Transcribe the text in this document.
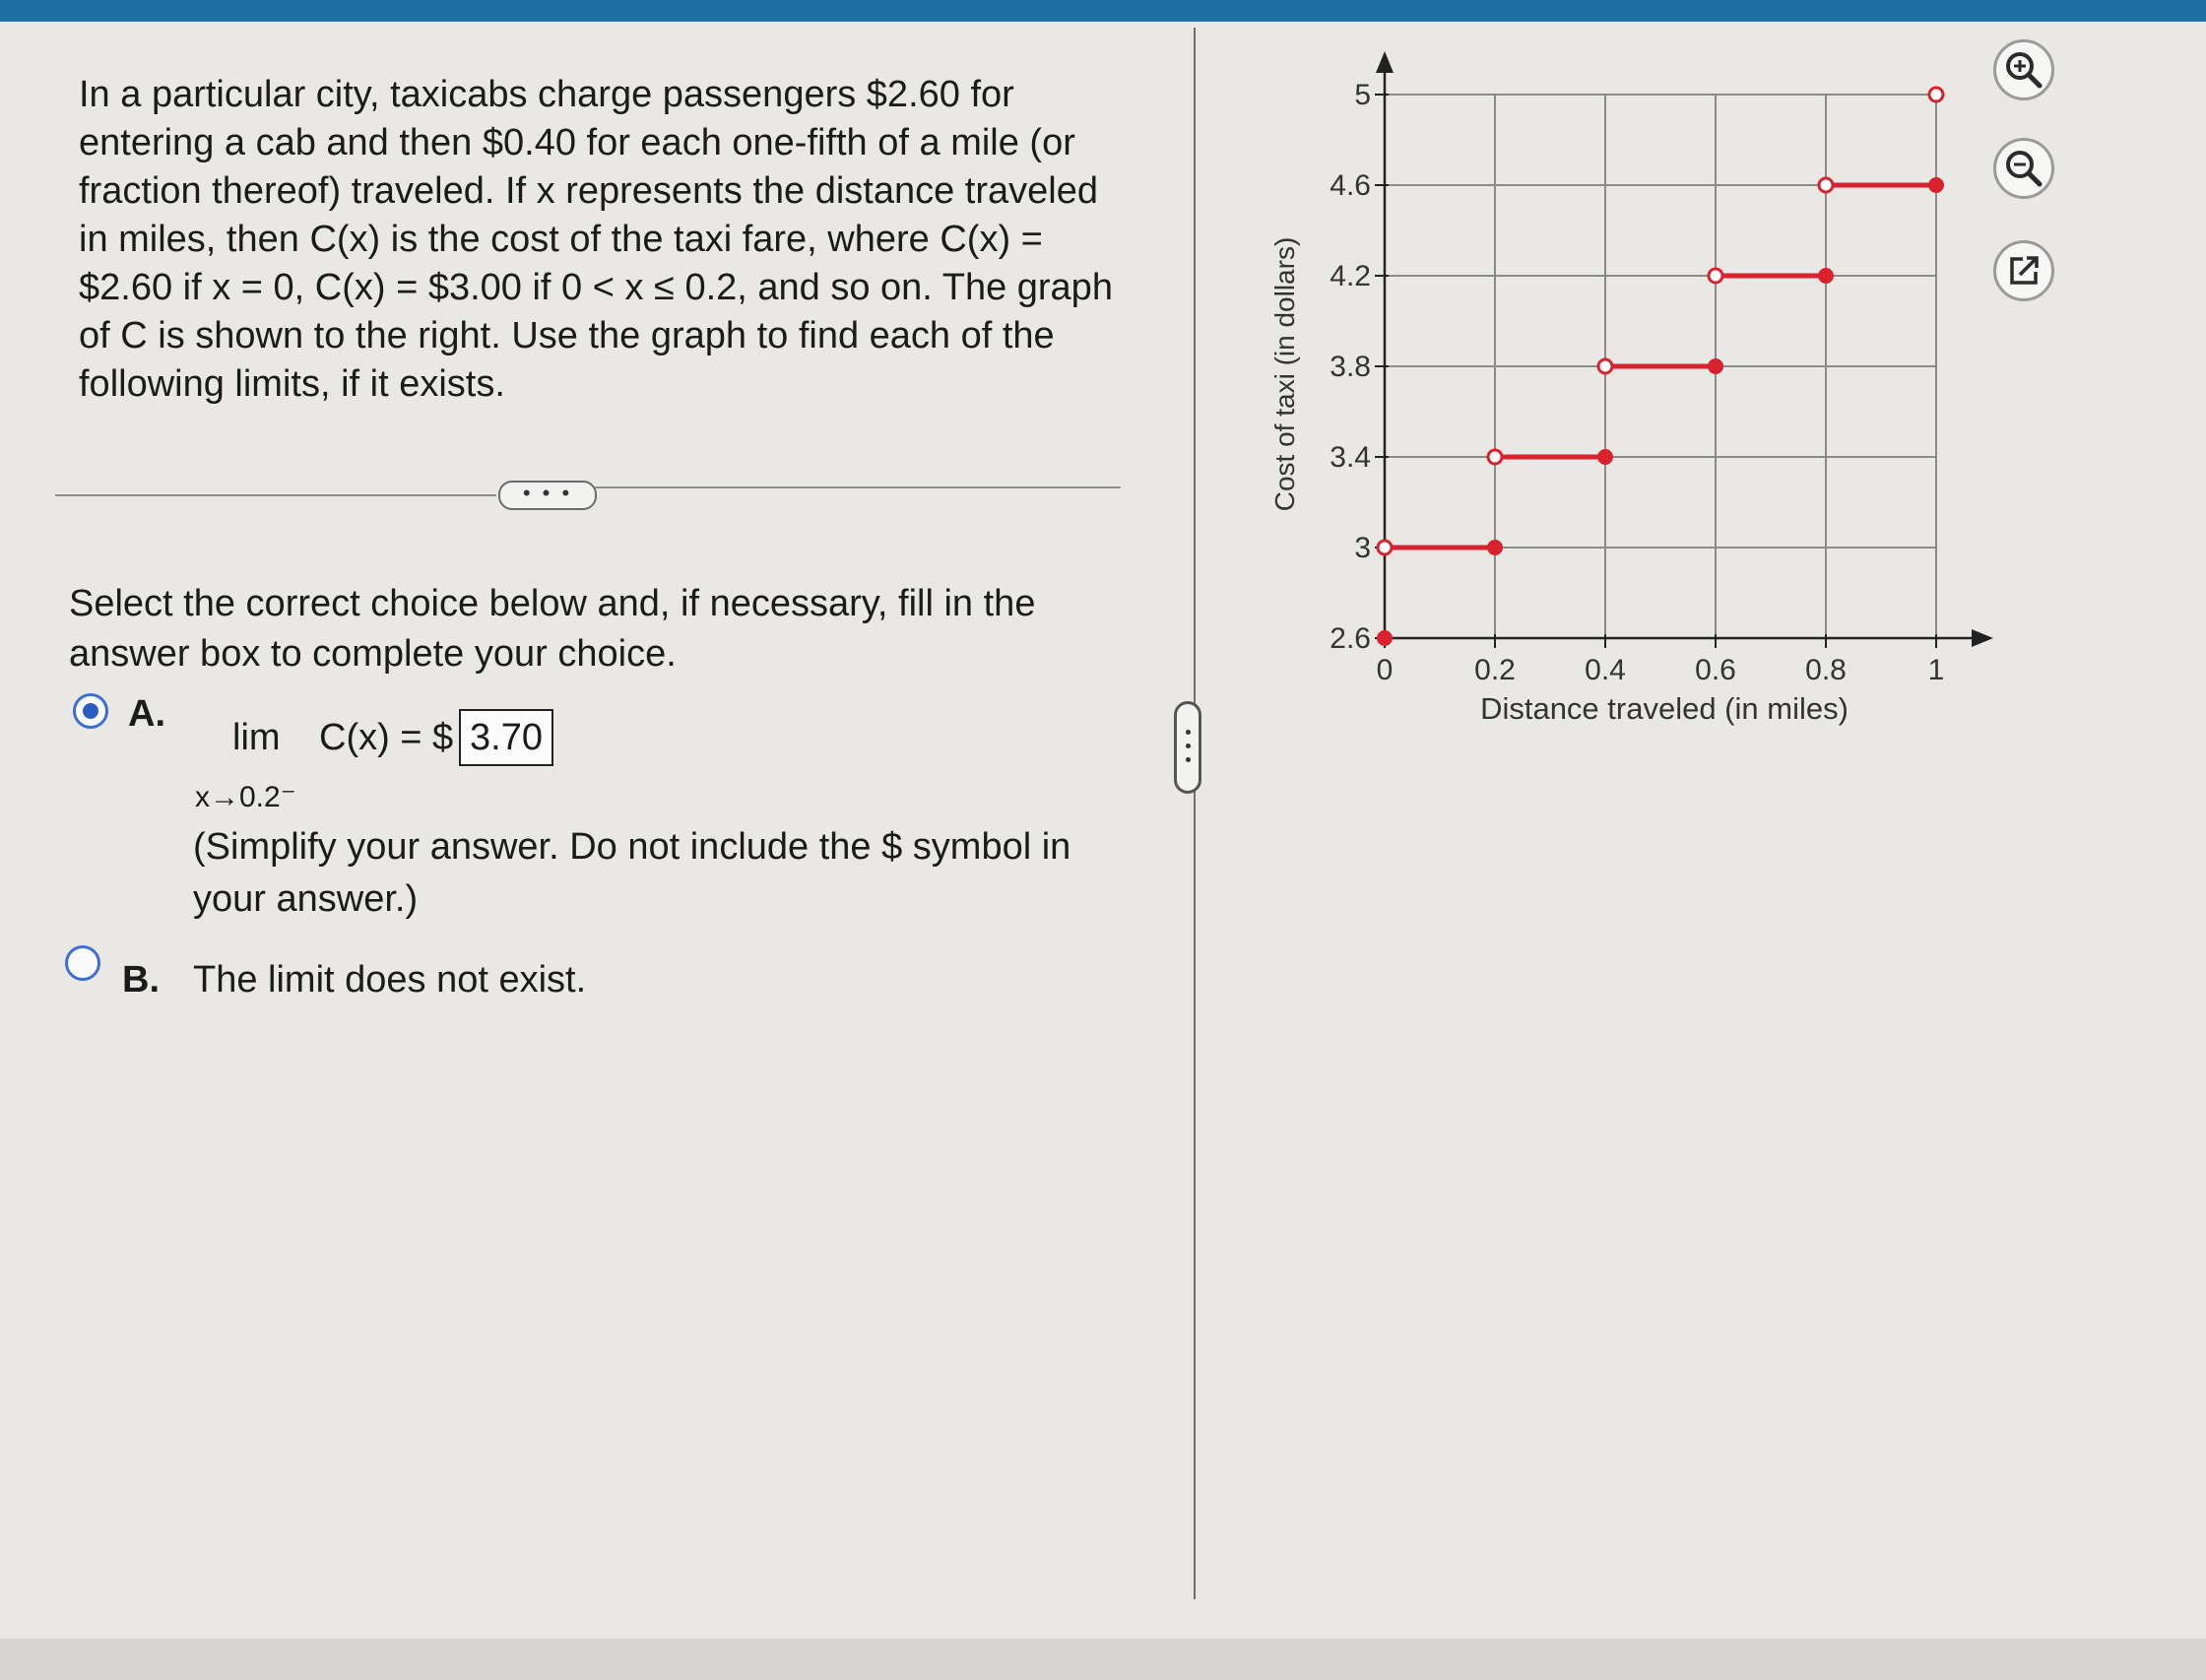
In a particular city, taxicabs charge passengers $2.60 for entering a cab and then $0.40 for each one-fifth of a mile (or fraction thereof) traveled. If x represents the distance traveled in miles, then C(x) is the cost of the taxi fare, where C(x) = $2.60 if x = 0, C(x) = $3.00 if 0 < x ≤ 0.2, and so on. The graph of C is shown to the right. Use the graph to find each of the following limits, if it exists.

• • •

Select the correct choice below and, if necessary, fill in the answer box to complete your choice.

A.
lim
x→0.2⁻
C(x) = $
3.70

(Simplify your answer. Do not include the $ symbol in your answer.)

B. The limit does not exist.
2.6
3
3.4
3.8
4.2
4.6
5
0	0.2 0.4 0.6 0.8	1
Distance traveled (in miles)
Cost of taxi (in dollars)
